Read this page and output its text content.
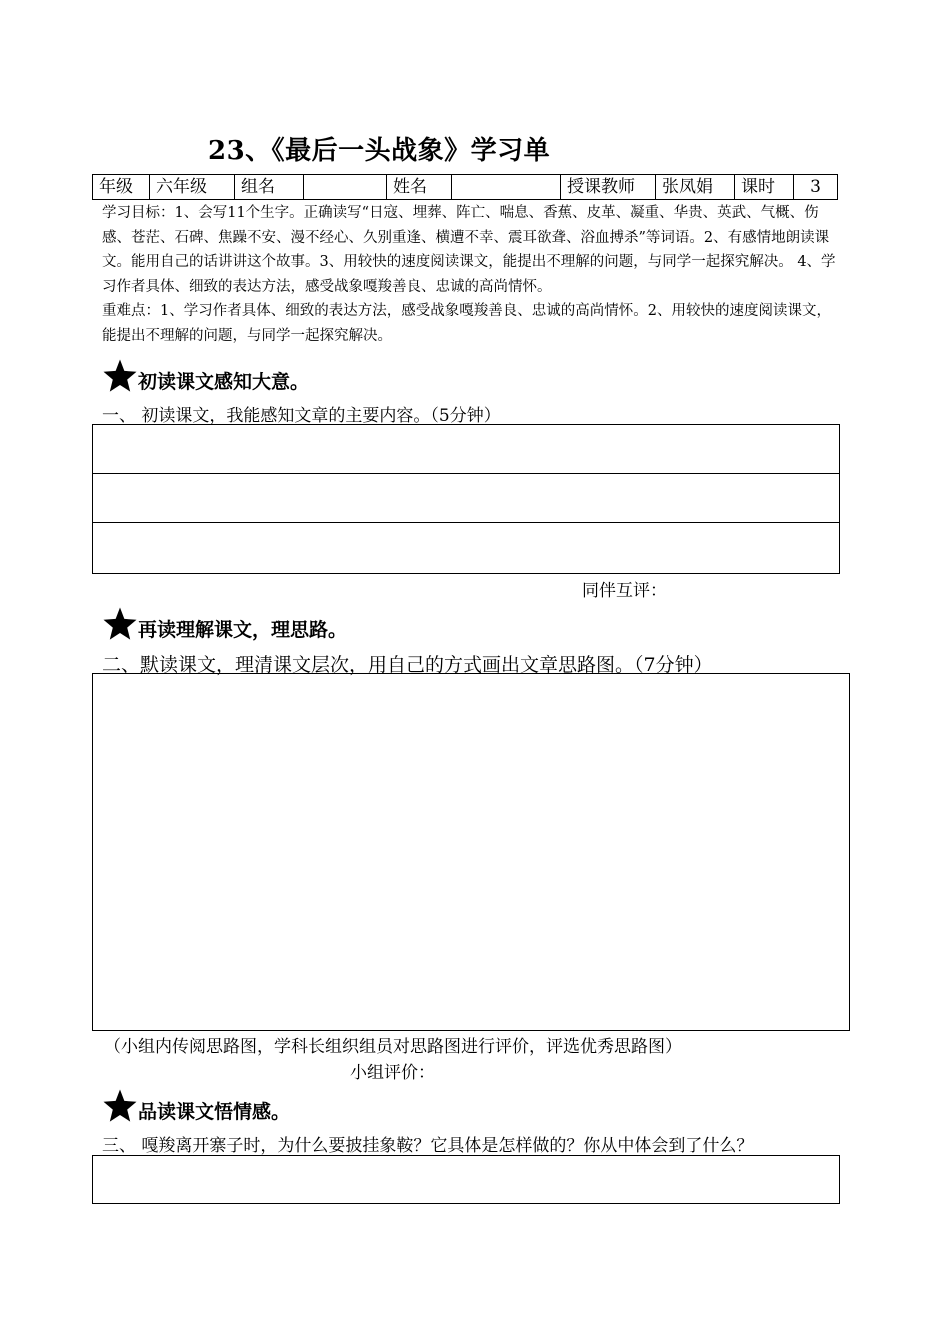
23、《最后一头战象》学习单
年级	六年级	组名		姓名		授课教师	张凤娟	课时	3
学习目标：1、会写11个生字。正确读写“日寇、埋葬、阵亡、喘息、香蕉、皮革、凝重、华贵、英武、气概、伤感、苍茫、石碑、焦躁不安、漫不经心、久别重逢、横遭不幸、震耳欲聋、浴血搏杀”等词语。2、有感情地朗读课文。能用自己的话讲讲这个故事。3、用较快的速度阅读课文，能提出不理解的问题，与同学一起探究解决。 4、学习作者具体、细致的表达方法，感受战象嘎羧善良、忠诚的高尚情怀。
重难点：1、学习作者具体、细致的表达方法，感受战象嘎羧善良、忠诚的高尚情怀。2、用较快的速度阅读课文，能提出不理解的问题，与同学一起探究解决。
初读课文感知大意。
一、 初读课文，我能感知文章的主要内容。（5分钟）
同伴互评：
再读理解课文，理思路。
二、默读课文，理清课文层次，用自己的方式画出文章思路图。（7分钟）
（小组内传阅思路图，学科长组织组员对思路图进行评价，评选优秀思路图）
小组评价：
品读课文悟情感。
三、 嘎羧离开寨子时，为什么要披挂象鞍？它具体是怎样做的？你从中体会到了什么？
